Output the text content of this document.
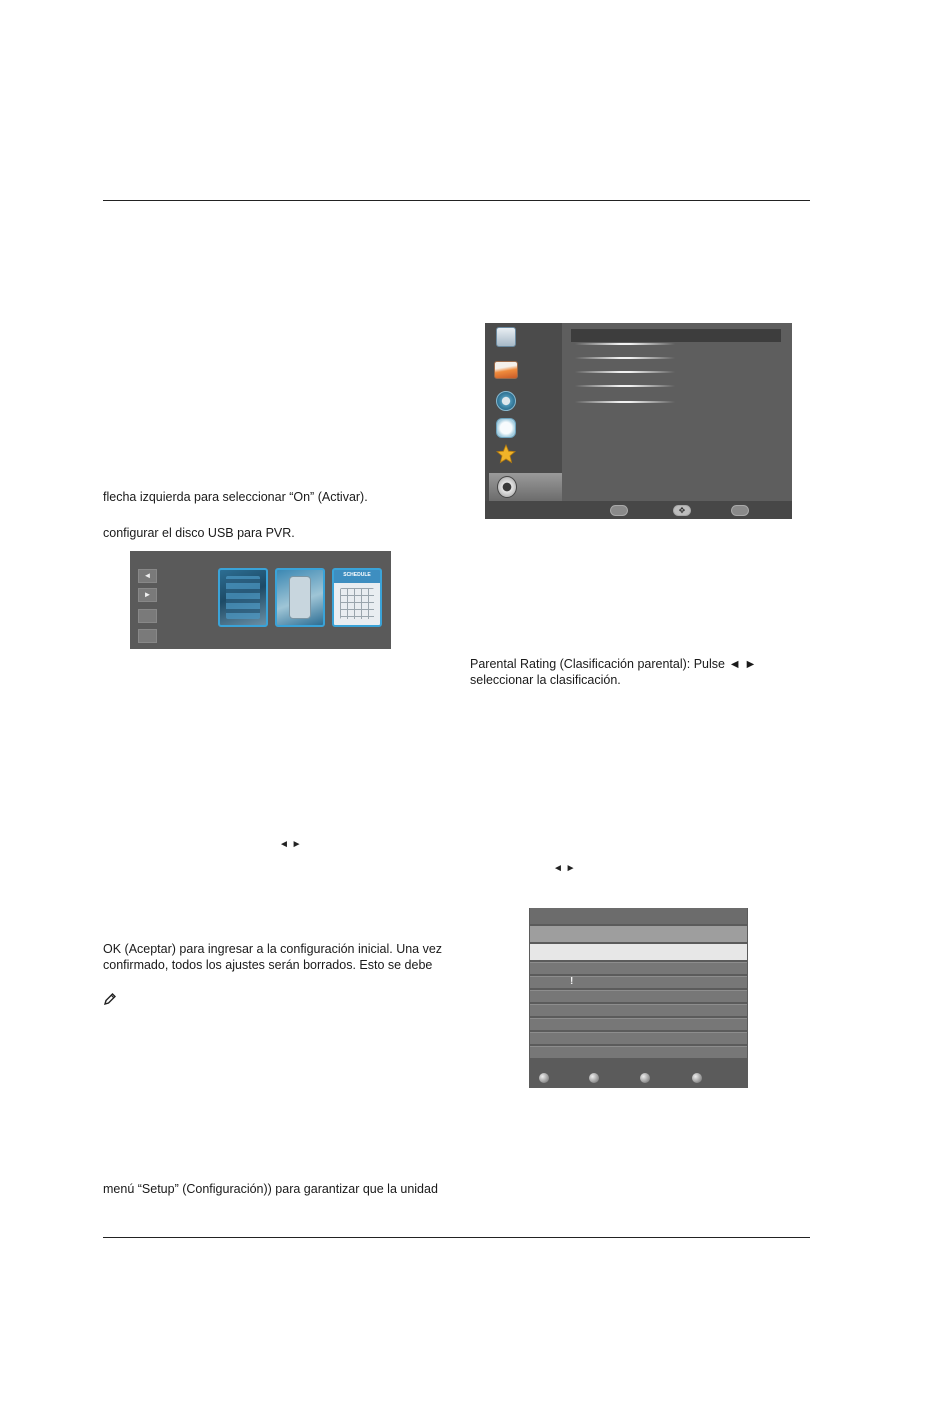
flecha izquierda para seleccionar “On” (Activar).
configurar el disco USB para PVR.
◄
►
SCHEDULE
◄ ►
OK (Aceptar) para ingresar a la configuración inicial. Una vez
confirmado, todos los ajustes serán borrados. Esto se debe
menú “Setup” (Configuración)) para garantizar que la unidad
✥
Parental Rating (Clasificación parental): Pulse ◄ ►
seleccionar la clasificación.
◄ ►
!
